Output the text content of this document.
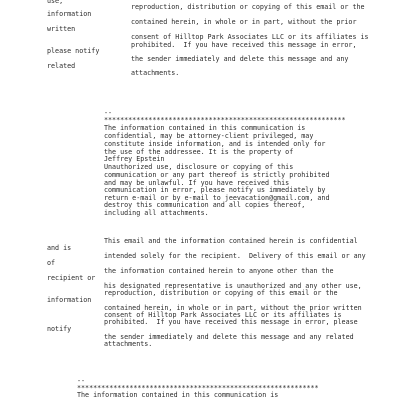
use,
reproduction, distribution or copying of this email or the
information
contained herein, in whole or in part, without the prior
written
consent of Hilltop Park Associates LLC or its affiliates is
prohibited.  If you have received this message in error,
please notify
the sender immediately and delete this message and any
related
attachments.
--
************************************************************
The information contained in this communication is
confidential, may be attorney-client privileged, may
constitute inside information, and is intended only for
the use of the addressee. It is the property of
Jeffrey Epstein
Unauthorized use, disclosure or copying of this
communication or any part thereof is strictly prohibited
and may be unlawful. If you have received this
communication in error, please notify us immediately by
return e-mail or by e-mail to jeevacation@gmail.com, and
destroy this communication and all copies thereof,
including all attachments.
This email and the information contained herein is confidential
and is
intended solely for the recipient.  Delivery of this email or any
of
the information contained herein to anyone other than the
recipient or
his designated representative is unauthorized and any other use,
reproduction, distribution or copying of this email or the
information
contained herein, in whole or in part, without the prior written
consent of Hilltop Park Associates LLC or its affiliates is
prohibited.  If you have received this message in error, please
notify
the sender immediately and delete this message and any related
attachments.
--
************************************************************
The information contained in this communication is
